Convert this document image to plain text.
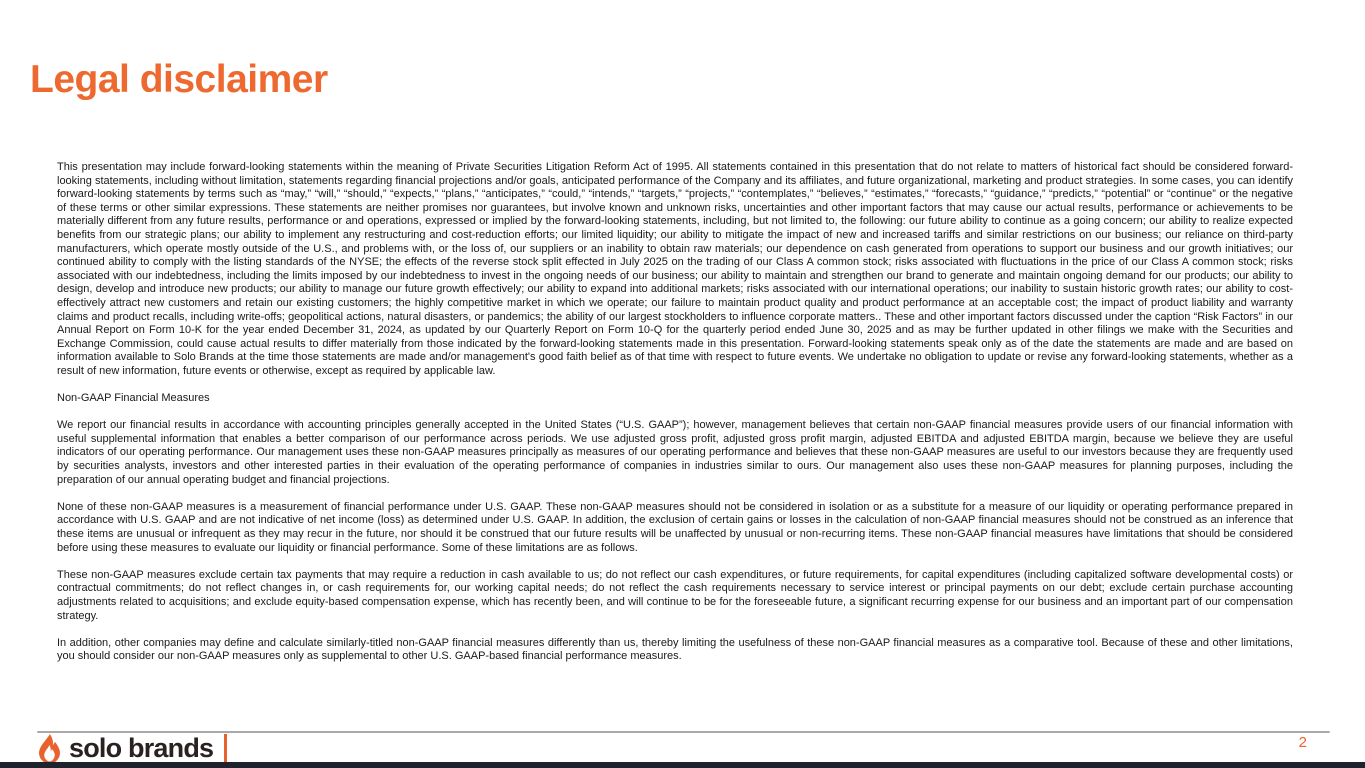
Legal disclaimer

This presentation may include forward-looking statements within the meaning of Private Securities Litigation Reform Act of 1995. All statements contained in this presentation that do not relate to matters of historical fact should be considered forward-looking statements, including without limitation, statements regarding financial projections and/or goals, anticipated performance of the Company and its affiliates, and future organizational, marketing and product strategies. In some cases, you can identify forward-looking statements by terms such as “may,” “will,” “should,” “expects,” “plans,” “anticipates,” “could,” “intends,” “targets,” “projects,” “contemplates,” “believes,” “estimates,” “forecasts,” “guidance,” “predicts,” “potential” or “continue” or the negative of these terms or other similar expressions. These statements are neither promises nor guarantees, but involve known and unknown risks, uncertainties and other important factors that may cause our actual results, performance or achievements to be materially different from any future results, performance or and operations, expressed or implied by the forward-looking statements, including, but not limited to, the following: our future ability to continue as a going concern; our ability to realize expected benefits from our strategic plans; our ability to implement any restructuring and cost-reduction efforts; our limited liquidity; our ability to mitigate the impact of new and increased tariffs and similar restrictions on our business; our reliance on third-party manufacturers, which operate mostly outside of the U.S., and problems with, or the loss of, our suppliers or an inability to obtain raw materials; our dependence on cash generated from operations to support our business and our growth initiatives; our continued ability to comply with the listing standards of the NYSE; the effects of the reverse stock split effected in July 2025 on the trading of our Class A common stock; risks associated with fluctuations in the price of our Class A common stock; risks associated with our indebtedness, including the limits imposed by our indebtedness to invest in the ongoing needs of our business; our ability to maintain and strengthen our brand to generate and maintain ongoing demand for our products; our ability to design, develop and introduce new products; our ability to manage our future growth effectively; our ability to expand into additional markets; risks associated with our international operations; our inability to sustain historic growth rates; our ability to cost-effectively attract new customers and retain our existing customers; the highly competitive market in which we operate; our failure to maintain product quality and product performance at an acceptable cost; the impact of product liability and warranty claims and product recalls, including write-offs; geopolitical actions, natural disasters, or pandemics; the ability of our largest stockholders to influence corporate matters.. These and other important factors discussed under the caption “Risk Factors” in our Annual Report on Form 10-K for the year ended December 31, 2024, as updated by our Quarterly Report on Form 10-Q for the quarterly period ended June 30, 2025 and as may be further updated in other filings we make with the Securities and Exchange Commission, could cause actual results to differ materially from those indicated by the forward-looking statements made in this presentation. Forward-looking statements speak only as of the date the statements are made and are based on information available to Solo Brands at the time those statements are made and/or management's good faith belief as of that time with respect to future events. We undertake no obligation to update or revise any forward-looking statements, whether as a result of new information, future events or otherwise, except as required by applicable law.

Non-GAAP Financial Measures

We report our financial results in accordance with accounting principles generally accepted in the United States (“U.S. GAAP”); however, management believes that certain non-GAAP financial measures provide users of our financial information with useful supplemental information that enables a better comparison of our performance across periods. We use adjusted gross profit, adjusted gross profit margin, adjusted EBITDA and adjusted EBITDA margin, because we believe they are useful indicators of our operating performance. Our management uses these non-GAAP measures principally as measures of our operating performance and believes that these non-GAAP measures are useful to our investors because they are frequently used by securities analysts, investors and other interested parties in their evaluation of the operating performance of companies in industries similar to ours. Our management also uses these non-GAAP measures for planning purposes, including the preparation of our annual operating budget and financial projections.

None of these non-GAAP measures is a measurement of financial performance under U.S. GAAP. These non-GAAP measures should not be considered in isolation or as a substitute for a measure of our liquidity or operating performance prepared in accordance with U.S. GAAP and are not indicative of net income (loss) as determined under U.S. GAAP. In addition, the exclusion of certain gains or losses in the calculation of non-GAAP financial measures should not be construed as an inference that these items are unusual or infrequent as they may recur in the future, nor should it be construed that our future results will be unaffected by unusual or non-recurring items. These non-GAAP financial measures have limitations that should be considered before using these measures to evaluate our liquidity or financial performance. Some of these limitations are as follows.

These non-GAAP measures exclude certain tax payments that may require a reduction in cash available to us; do not reflect our cash expenditures, or future requirements, for capital expenditures (including capitalized software developmental costs) or contractual commitments; do not reflect changes in, or cash requirements for, our working capital needs; do not reflect the cash requirements necessary to service interest or principal payments on our debt; exclude certain purchase accounting adjustments related to acquisitions; and exclude equity-based compensation expense, which has recently been, and will continue to be for the foreseeable future, a significant recurring expense for our business and an important part of our compensation strategy.

In addition, other companies may define and calculate similarly-titled non-GAAP financial measures differently than us, thereby limiting the usefulness of these non-GAAP financial measures as a comparative tool. Because of these and other limitations, you should consider our non-GAAP measures only as supplemental to other U.S. GAAP-based financial performance measures.

solo brands	2
